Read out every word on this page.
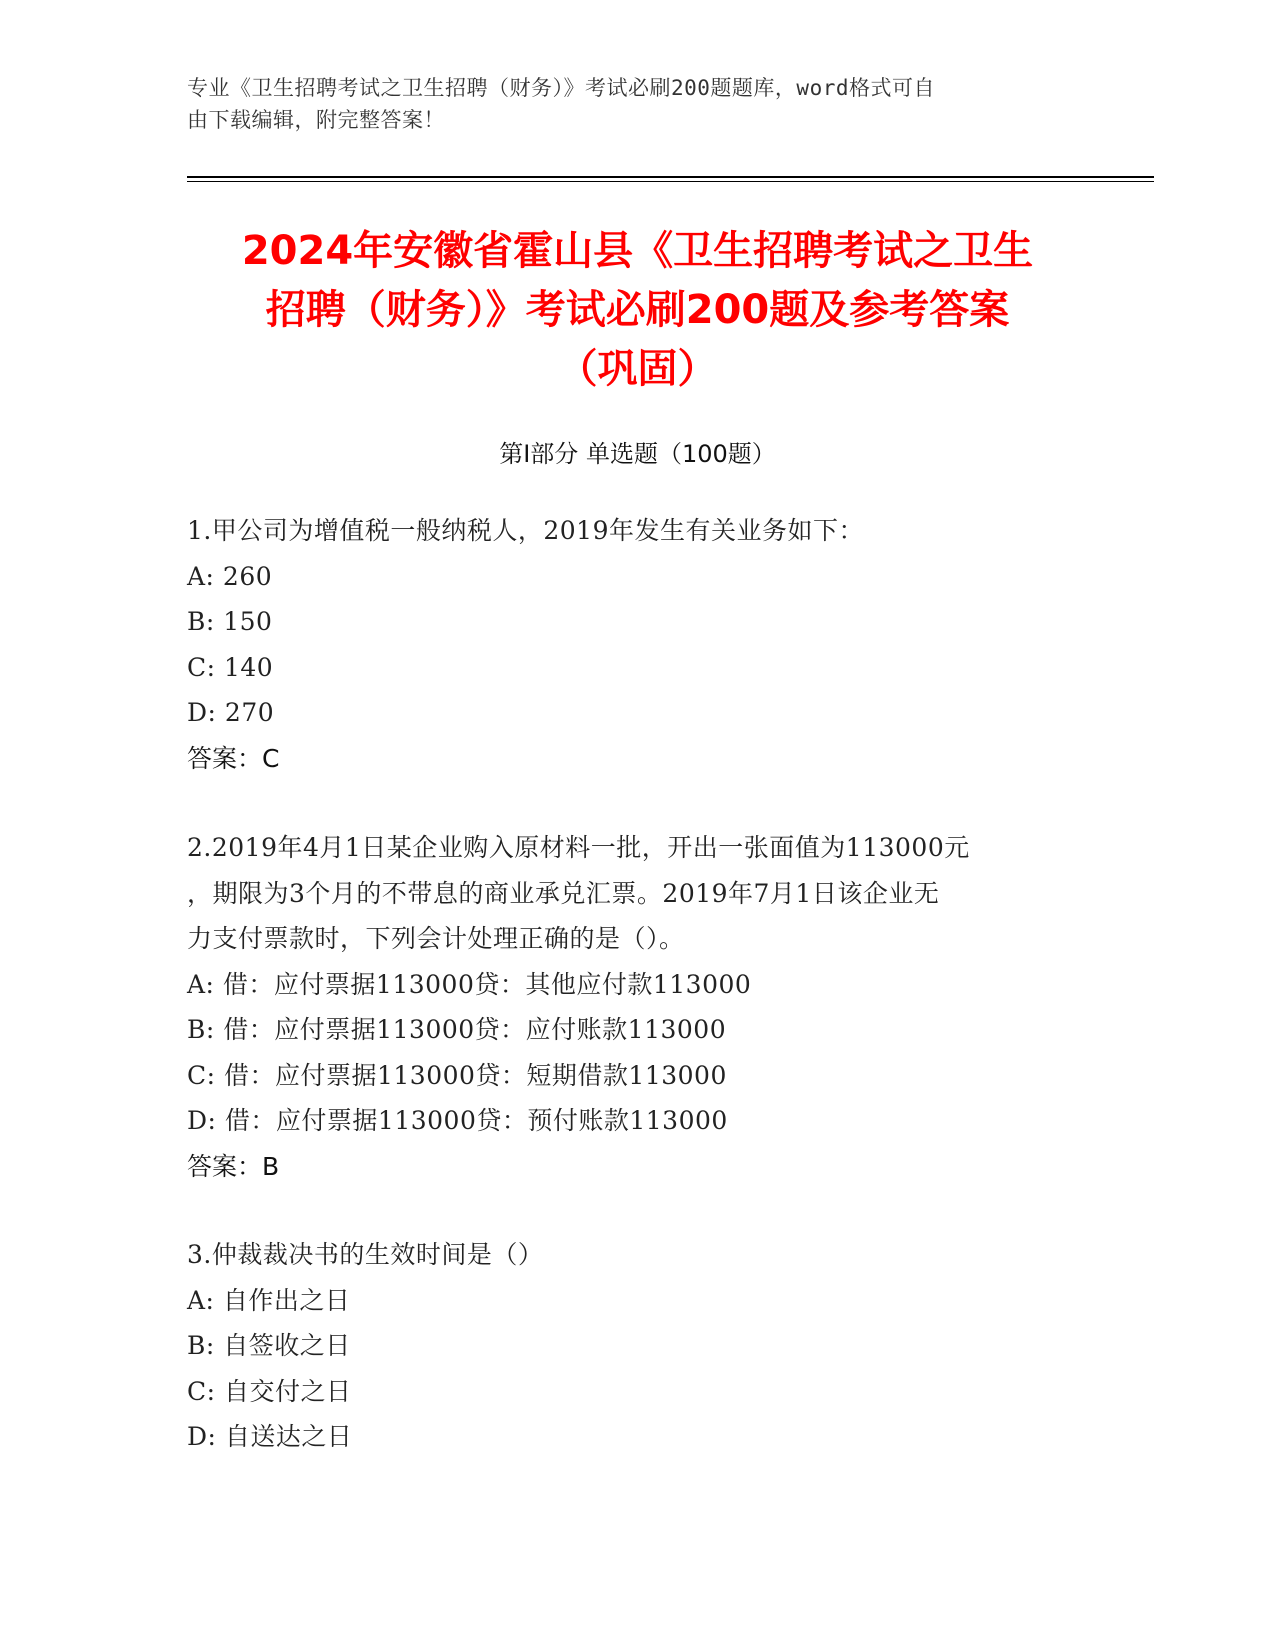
专业《卫生招聘考试之卫生招聘（财务）》考试必刷200题题库，word格式可自
由下载编辑，附完整答案！
2024年安徽省霍山县《卫生招聘考试之卫生
招聘（财务）》考试必刷200题及参考答案
（巩固）
第Ⅰ部分 单选题（100题）
1.甲公司为增值税一般纳税人，2019年发生有关业务如下：
A: 260
B: 150
C: 140
D: 270
答案：C
2.2019年4月1日某企业购入原材料一批，开出一张面值为113000元
，期限为3个月的不带息的商业承兑汇票。2019年7月1日该企业无
力支付票款时，下列会计处理正确的是（）。
A: 借：应付票据113000贷：其他应付款113000
B: 借：应付票据113000贷：应付账款113000
C: 借：应付票据113000贷：短期借款113000
D: 借：应付票据113000贷：预付账款113000
答案：B
3.仲裁裁决书的生效时间是（）
A: 自作出之日
B: 自签收之日
C: 自交付之日
D: 自送达之日
